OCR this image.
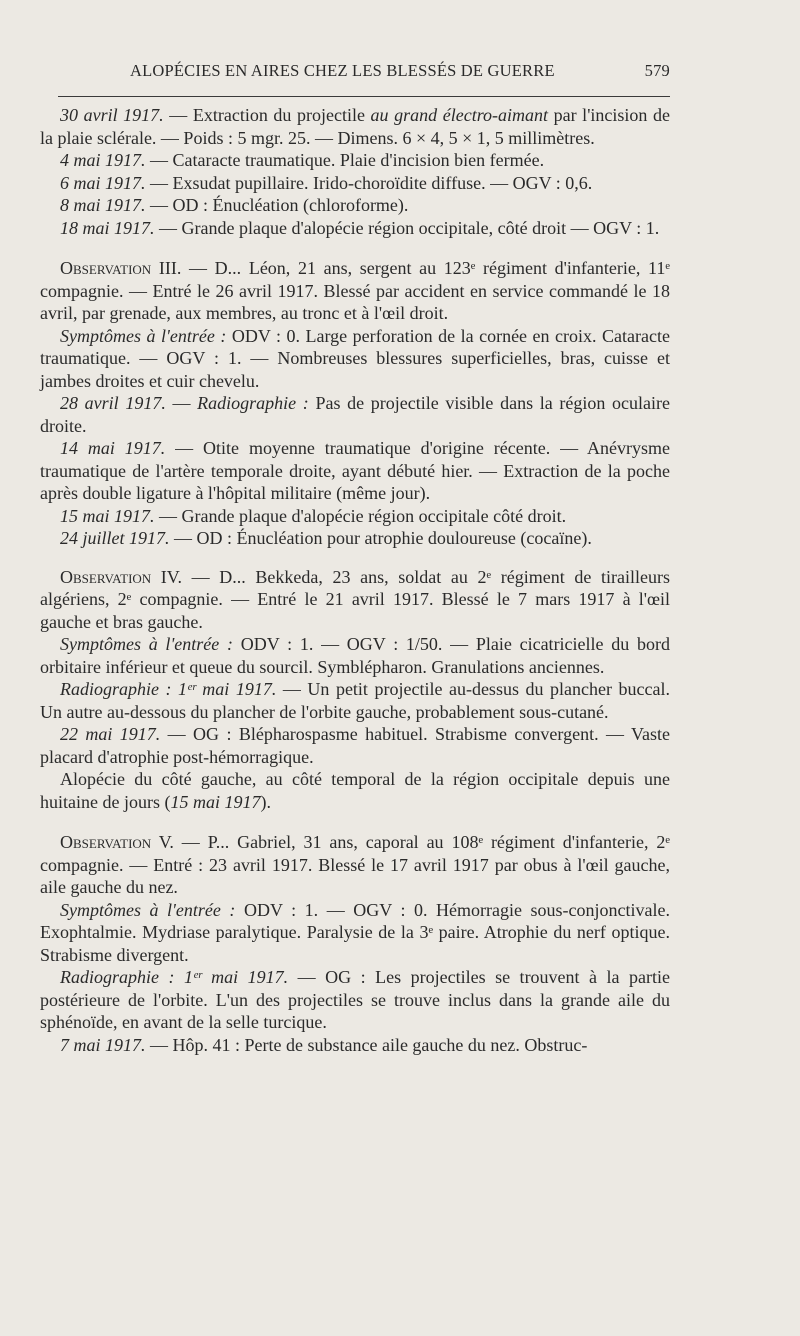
ALOPÉCIES EN AIRES CHEZ LES BLESSÉS DE GUERRE	579

30 avril 1917. — Extraction du projectile au grand électro-aimant par l'incision de la plaie sclérale. — Poids : 5 mgr. 25. — Dimens. 6 × 4, 5 × 1, 5 millimètres.

4 mai 1917. — Cataracte traumatique. Plaie d'incision bien fermée.

6 mai 1917. — Exsudat pupillaire. Irido-choroïdite diffuse. — OGV : 0,6.

8 mai 1917. — OD : Énucléation (chloroforme).

18 mai 1917. — Grande plaque d'alopécie région occipitale, côté droit — OGV : 1.

Observation III. — D... Léon, 21 ans, sergent au 123ᵉ régiment d'infanterie, 11ᵉ compagnie. — Entré le 26 avril 1917. Blessé par accident en service commandé le 18 avril, par grenade, aux membres, au tronc et à l'œil droit.

Symptômes à l'entrée : ODV : 0. Large perforation de la cornée en croix. Cataracte traumatique. — OGV : 1. — Nombreuses blessures superficielles, bras, cuisse et jambes droites et cuir chevelu.

28 avril 1917. — Radiographie : Pas de projectile visible dans la région oculaire droite.

14 mai 1917. — Otite moyenne traumatique d'origine récente. — Anévrysme traumatique de l'artère temporale droite, ayant débuté hier. — Extraction de la poche après double ligature à l'hôpital militaire (même jour).

15 mai 1917. — Grande plaque d'alopécie région occipitale côté droit.

24 juillet 1917. — OD : Énucléation pour atrophie douloureuse (cocaïne).

Observation IV. — D... Bekkeda, 23 ans, soldat au 2ᵉ régiment de tirailleurs algériens, 2ᵉ compagnie. — Entré le 21 avril 1917. Blessé le 7 mars 1917 à l'œil gauche et bras gauche.

Symptômes à l'entrée : ODV : 1. — OGV : 1/50. — Plaie cicatricielle du bord orbitaire inférieur et queue du sourcil. Symblépharon. Granulations anciennes.

Radiographie : 1ᵉʳ mai 1917. — Un petit projectile au-dessus du plancher buccal. Un autre au-dessous du plancher de l'orbite gauche, probablement sous-cutané.

22 mai 1917. — OG : Blépharospasme habituel. Strabisme convergent. — Vaste placard d'atrophie post-hémorragique.

Alopécie du côté gauche, au côté temporal de la région occipitale depuis une huitaine de jours (15 mai 1917).

Observation V. — P... Gabriel, 31 ans, caporal au 108ᵉ régiment d'infanterie, 2ᵉ compagnie. — Entré : 23 avril 1917. Blessé le 17 avril 1917 par obus à l'œil gauche, aile gauche du nez.

Symptômes à l'entrée : ODV : 1. — OGV : 0. Hémorragie sous-conjonctivale. Exophtalmie. Mydriase paralytique. Paralysie de la 3ᵉ paire. Atrophie du nerf optique. Strabisme divergent.

Radiographie : 1ᵉʳ mai 1917. — OG : Les projectiles se trouvent à la partie postérieure de l'orbite. L'un des projectiles se trouve inclus dans la grande aile du sphénoïde, en avant de la selle turcique.

7 mai 1917. — Hôp. 41 : Perte de substance aile gauche du nez. Obstruc-
